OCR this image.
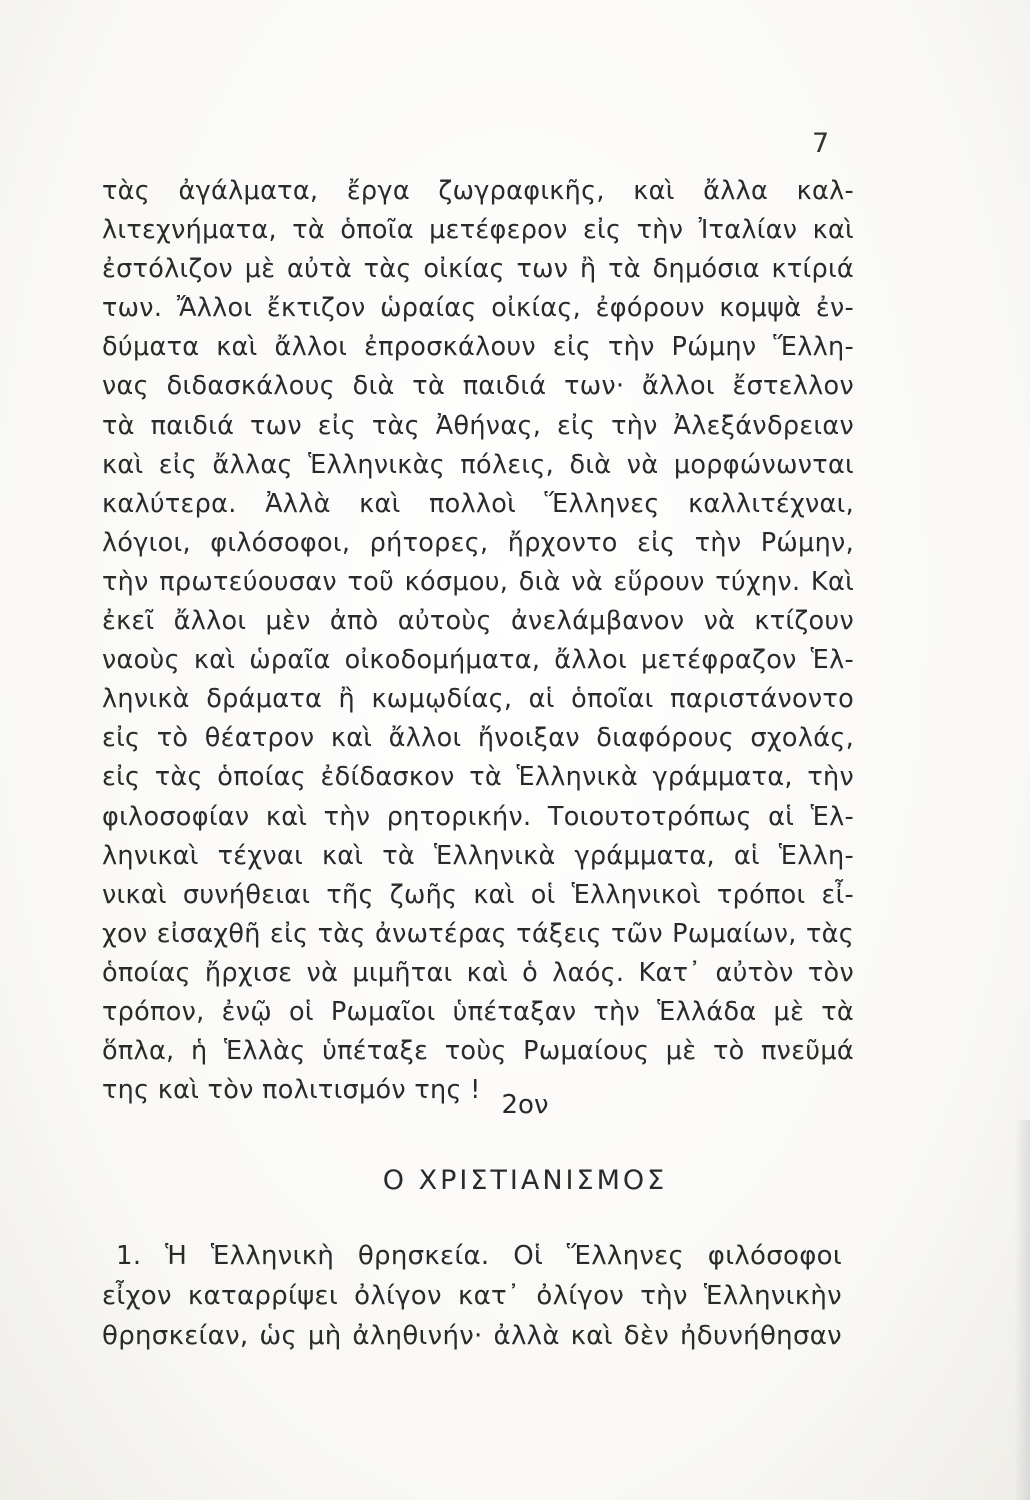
7
τὰς ἀγάλματα, ἔργα ζωγραφικῆς, καὶ ἄλλα καλ-
λιτεχνήματα, τὰ ὁποῖα μετέφερον εἰς τὴν Ἰταλίαν καὶ
ἐστόλιζον μὲ αὐτὰ τὰς οἰκίας των ἢ τὰ δημόσια κτίριά
των. Ἄλλοι ἔκτιζον ὡραίας οἰκίας, ἐφόρουν κομψὰ ἐν-
δύματα καὶ ἄλλοι ἐπροσκάλουν εἰς τὴν Ρώμην Ἕλλη-
νας διδασκάλους διὰ τὰ παιδιά των· ἄλλοι ἔστελλον
τὰ παιδιά των εἰς τὰς Ἀθήνας, εἰς τὴν Ἀλεξάνδρειαν
καὶ εἰς ἄλλας Ἑλληνικὰς πόλεις, διὰ νὰ μορφώνωνται
καλύτερα. Ἀλλὰ καὶ πολλοὶ Ἕλληνες καλλιτέχναι,
λόγιοι, φιλόσοφοι, ρήτορες, ἤρχοντο εἰς τὴν Ρώμην,
τὴν πρωτεύουσαν τοῦ κόσμου, διὰ νὰ εὕρουν τύχην. Καὶ
ἐκεῖ ἄλλοι μὲν ἀπὸ αὐτοὺς ἀνελάμβανον νὰ κτίζουν
ναοὺς καὶ ὡραῖα οἰκοδομήματα, ἄλλοι μετέφραζον Ἑλ-
ληνικὰ δράματα ἢ κωμῳδίας, αἱ ὁποῖαι παριστάνοντο
εἰς τὸ θέατρον καὶ ἄλλοι ἤνοιξαν διαφόρους σχολάς,
εἰς τὰς ὁποίας ἐδίδασκον τὰ Ἑλληνικὰ γράμματα, τὴν
φιλοσοφίαν καὶ τὴν ρητορικήν. Τοιουτοτρόπως αἱ Ἑλ-
ληνικαὶ τέχναι καὶ τὰ Ἑλληνικὰ γράμματα, αἱ Ἑλλη-
νικαὶ συνήθειαι τῆς ζωῆς καὶ οἱ Ἑλληνικοὶ τρόποι εἶ-
χον εἰσαχθῆ εἰς τὰς ἀνωτέρας τάξεις τῶν Ρωμαίων, τὰς
ὁποίας ἤρχισε νὰ μιμῆται καὶ ὁ λαός. Κατ᾽ αὐτὸν τὸν
τρόπον, ἐνῷ οἱ Ρωμαῖοι ὑπέταξαν τὴν Ἑλλάδα μὲ τὰ
ὅπλα, ἡ Ἑλλὰς ὑπέταξε τοὺς Ρωμαίους μὲ τὸ πνεῦμά
της καὶ τὸν πολιτισμόν της ! 2ον
Ο ΧΡΙΣΤΙΑΝΙΣΜΟΣ
1. Ἡ Ἑλληνικὴ θρησκεία. Οἱ Ἕλληνες φιλόσοφοι
εἶχον καταρρίψει ὀλίγον κατ᾽ ὀλίγον τὴν Ἑλληνικὴν
θρησκείαν, ὡς μὴ ἀληθινήν· ἀλλὰ καὶ δὲν ἠδυνήθησαν
